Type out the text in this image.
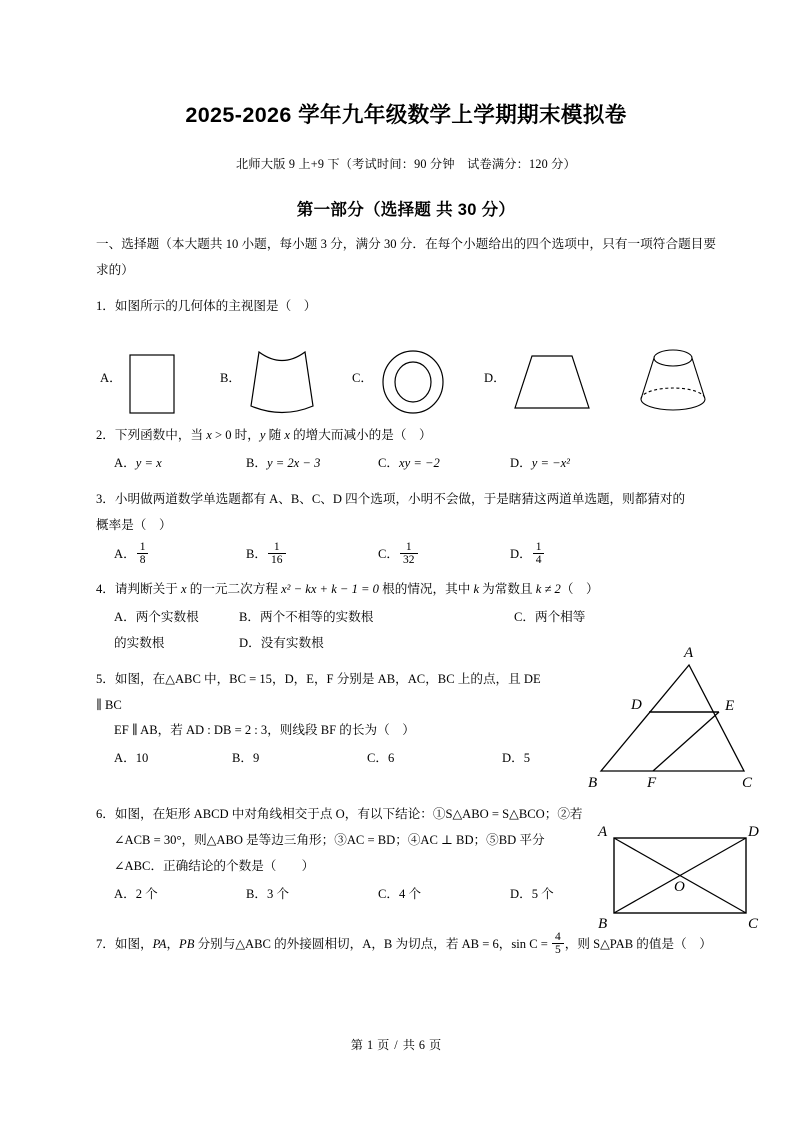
2025-2026 学年九年级数学上学期期末模拟卷
北师大版 9 上+9 下（考试时间：90 分钟　试卷满分：120 分）
第一部分（选择题 共 30 分）
一、选择题（本大题共 10 小题，每小题 3 分，满分 30 分．在每个小题给出的四个选项中，只有一项符合题目要求的）
1．如图所示的几何体的主视图是（　）
A．	B．	C．	D．
2．下列函数中，当 x > 0 时，y 随 x 的增大而减小的是（　）
A．y = x	B．y = 2x − 3	C．xy = −2	D．y = −x²
3．小明做两道数学单选题都有 A、B、C、D 四个选项，小明不会做，于是瞎猜这两道单选题，则都猜对的
概率是（　）
A． $\frac{1}{8}$	B． $\frac{1}{16}$	C． $\frac{1}{32}$	D． $\frac{1}{4}$
4．请判断关于 x 的一元二次方程 x² − kx + k − 1 = 0 根的情况，其中 k 为常数且 k ≠ 2（　）
A．两个实数根	B．两个不相等的实数根	C．两个相等
的实数根	D．没有实数根
5．如图，在△ABC 中，BC = 15，D，E，F 分别是 AB，AC，BC 上的点，且 DE ∥ BC
EF ∥ AB，若 AD : DB = 2 : 3，则线段 BF 的长为（　）
A．10	B．9	C．6	D．5
6．如图，在矩形 ABCD 中对角线相交于点 O，有以下结论：①S△ABO = S△BCO；②若
∠ACB = 30°，则△ABO 是等边三角形；③AC = BD；④AC ⊥ BD；⑤BD 平分
∠ABC．正确结论的个数是（　　）
A．2 个	B．3 个	C．4 个	D．5 个
7．如图，PA，PB 分别与△ABC 的外接圆相切，A，B 为切点，若 AB = 6，$\sin C = \frac{4}{5}$ ，则 S△PAB 的值是（　）
A
D	E
B	F	C
A	D
O
B	C
第 1 页 / 共 6 页
